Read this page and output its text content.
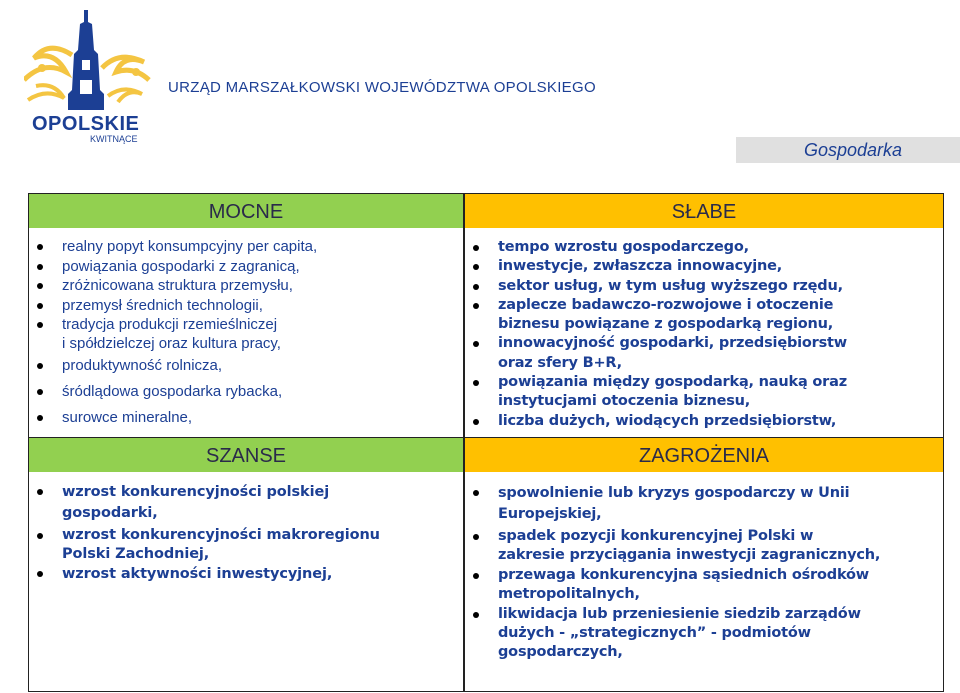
OPOLSKIE
KWITNĄCE
URZĄD MARSZAŁKOWSKI WOJEWÓDZTWA OPOLSKIEGO
Gospodarka
MOCNE
realny popyt konsumpcyjny per capita,
powiązania gospodarki z zagranicą,
zróżnicowana struktura przemysłu,
przemysł średnich technologii,
tradycja produkcji rzemieślniczej
i spółdzielczej oraz kultura pracy,
produktywność rolnicza,
śródlądowa gospodarka rybacka,
surowce mineralne,
SŁABE
tempo wzrostu gospodarczego,
inwestycje, zwłaszcza innowacyjne,
sektor usług, w tym usług wyższego rzędu,
zaplecze badawczo-rozwojowe i otoczenie
biznesu powiązane z gospodarką regionu,
innowacyjność gospodarki, przedsiębiorstw
oraz sfery B+R,
powiązania między gospodarką, nauką oraz
instytucjami otoczenia biznesu,
liczba dużych, wiodących przedsiębiorstw,
SZANSE
wzrost konkurencyjności polskiej
gospodarki,
wzrost konkurencyjności makroregionu
Polski Zachodniej,
wzrost aktywności inwestycyjnej,
ZAGROŻENIA
spowolnienie lub kryzys gospodarczy w Unii
Europejskiej,
spadek pozycji konkurencyjnej Polski w
zakresie przyciągania inwestycji zagranicznych,
przewaga konkurencyjna sąsiednich ośrodków
metropolitalnych,
likwidacja lub przeniesienie siedzib zarządów
dużych - „strategicznych” - podmiotów
gospodarczych,
